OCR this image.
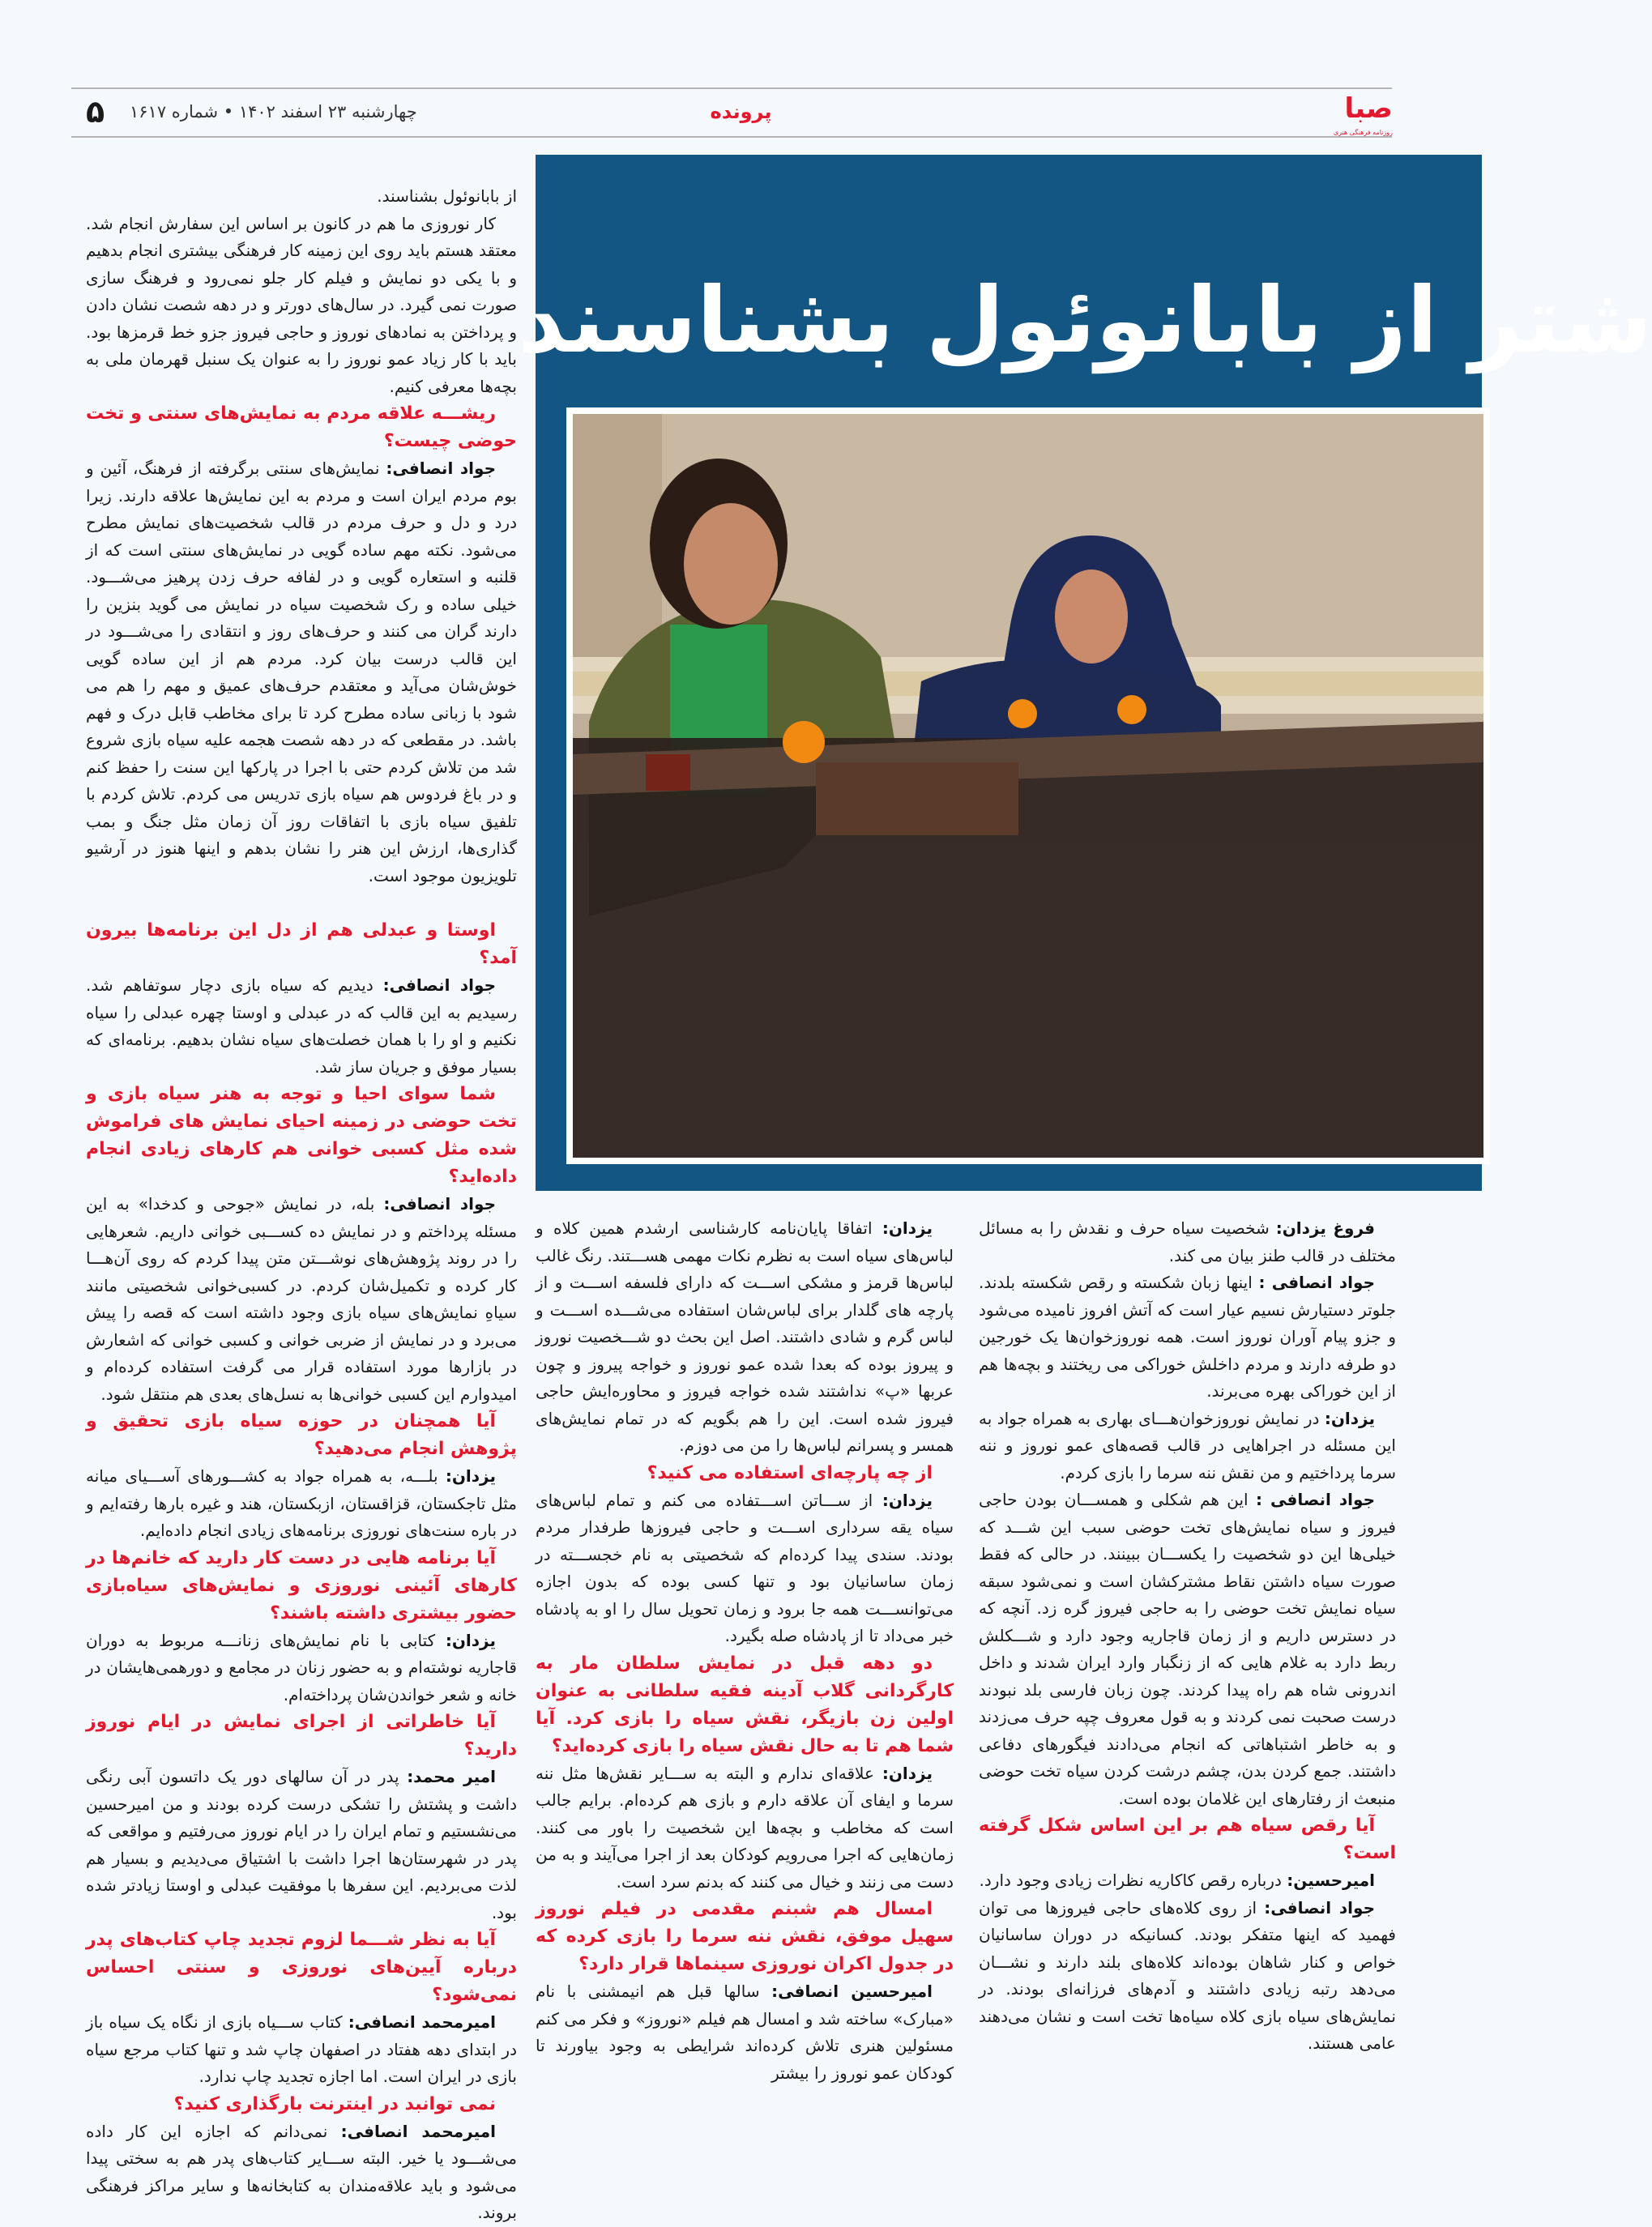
صبا
روزنامه فرهنگی هنری
پرونده
چهارشنبه ۲۳ اسفند ۱۴۰۲ • شماره ۱۶۱۷
۵
شتر از بابانوئول بشناسند

از بابانوئول بشناسند.

کار نوروزی ما هم در کانون بر اساس این سفارش انجام شد. معتقد هستم باید روی این زمینه کار فرهنگی بیشتری انجام بدهیم و با یکی دو نمایش و فیلم کار جلو نمی‌رود و فرهنگ سازی صورت نمی گیرد. در سال‌های دورتر و در دهه شصت نشان دادن و پرداختن به نمادهای نوروز و حاجی فیروز جزو خط قرمزها بود. باید با کار زیاد عمو نوروز را به عنوان یک سنبل قهرمان ملی به بچه‌ها معرفی کنیم.

ریشـــه علاقه مردم به نمایش‌های سنتی و تخت حوضی چیست؟

جواد انصافی: نمایش‌های سنتی برگرفته از فرهنگ، آئین و بوم مردم ایران است و مردم به این نمایش‌ها علاقه دارند. زیرا درد و دل و حرف مردم در قالب شخصیت‌های نمایش مطرح می‌شود. نکته مهم ساده گویی در نمایش‌های سنتی است که از قلنبه و استعاره گویی و در لفافه حرف زدن پرهیز می‌شـــود. خیلی ساده و رک شخصیت سیاه در نمایش می گوید بنزین را دارند گران می کنند و حرف‌های روز و انتقادی را می‌شـــود در این قالب درست بیان کرد. مردم هم از این ساده گویی خوش‌شان می‌آید و معتقدم حرف‌های عمیق و مهم را هم می شود با زبانی ساده مطرح کرد تا برای مخاطب قابل درک و فهم باشد. در مقطعی که در دهه شصت هجمه علیه سیاه بازی شروع شد من تلاش کردم حتی با اجرا در پارکها این سنت را حفظ کنم و در باغ فردوس هم سیاه بازی تدریس می کردم. تلاش کردم با تلفیق سیاه بازی با اتفاقات روز آن زمان مثل جنگ و بمب گذاری‌ها، ارزش این هنر را نشان بدهم و اینها هنوز در آرشیو تلویزیون موجود است.

اوستا و عبدلی هم از دل این برنامه‌ها بیرون آمد؟

جواد انصافی: دیدیم که سیاه بازی دچار سوتفاهم شد. رسیدیم به این قالب که در عبدلی و اوستا چهره عبدلی را سیاه نکنیم و او را با همان خصلت‌های سیاه نشان بدهیم. برنامه‌ای که بسیار موفق و جریان ساز شد.

شما سوای احیا و توجه به هنر سیاه بازی و تخت حوضی در زمینه احیای نمایش های فراموش شده مثل کسبی خوانی هم کارهای زیادی انجام داده‌اید؟

جواد انصافی: بله، در نمایش «جوحی و کدخدا» به این مسئله پرداختم و در نمایش ده کســـبی خوانی داریم. شعرهایی را در روند پژوهش‌های نوشـــتن متن پیدا کردم که روی آن‌هـــا کار کرده و تکمیل‌شان کردم. در کسبی‌خوانی شخصیتی مانند سیاهِ نمایش‌های سیاه بازی وجود داشته است که قصه را پیش می‌برد و در نمایش از ضربی خوانی و کسبی خوانی که اشعارش در بازارها مورد استفاده قرار می گرفت استفاده کرده‌ام و امیدوارم این کسبی خوانی‌ها به نسل‌های بعدی هم منتقل شود.

آیا همچنان در حوزه سیاه بازی تحقیق و پژوهش انجام می‌دهید؟

یزدان: بلـــه، به همراه جواد به کشـــورهای آســـیای میانه مثل تاجکستان، قزاقستان، ازبکستان، هند و غیره بارها رفته‌ایم و در باره سنت‌های نوروزی برنامه‌های زیادی انجام داده‌ایم.

آیا برنامه هایی در دست کار دارید که خانم‌ها در کارهای آئینی نوروزی و نمایش‌های سیاه‌بازی حضور بیشتری داشته باشند؟

یزدان: کتابی با نام نمایش‌های زنانـــه مربوط به دوران قاجاریه نوشته‌ام و به حضور زنان در مجامع و دورهمی‌هایشان در خانه و شعر خواندن‌شان پرداخته‌ام.

آیا خاطراتی از اجرای نمایش در ایام نوروز دارید؟

امیر محمد: پدر در آن سالهای دور یک داتسون آبی رنگی داشت و پشتش را تشکی درست کرده بودند و من امیرحسین می‌نشستیم و تمام ایران را در ایام نوروز می‌رفتیم و مواقعی که پدر در شهرستان‌ها اجرا داشت با اشتیاق می‌دیدیم و بسیار هم لذت می‌بردیم. این سفرها با موفقیت عبدلی و اوستا زیادتر شده بود.

آیا به نظر شـــما لزوم تجدید چاپ کتاب‌های پدر درباره آیین‌های نوروزی و سنتی احساس نمی‌شود؟

امیرمحمد انصافی: کتاب ســـیاه بازی از نگاه یک سیاه باز در ابتدای دهه هفتاد در اصفهان چاپ شد و تنها کتاب مرجع سیاه بازی در ایران است. اما اجازه تجدید چاپ ندارد.

نمی توانبد در اینترنت بارگذاری کنید؟

امیرمحمد انصافی: نمی‌دانم که اجازه این کار داده می‌شـــود یا خیر. البته ســـایر کتاب‌های پدر هم به سختی پیدا می‌شود و باید علاقه‌مندان به کتابخانه‌ها و سایر مراکز فرهنگی بروند.

یزدان: اتفاقا پایان‌نامه کارشناسی ارشدم همین کلاه و لباس‌های سیاه است به نظرم نکات مهمی هســـتند. رنگ غالب لباس‌ها قرمز و مشکی اســـت که دارای فلسفه اســـت و از پارچه های گلدار برای لباس‌شان استفاده می‌شـــده اســـت و لباس گرم و شادی داشتند. اصل این بحث دو شـــخصیت نوروز و پیروز بوده که بعدا شده عمو نوروز و خواجه پیروز و چون عربها «پ» نداشتند شده خواجه فیروز و محاوره‌ایش حاجی فیروز شده است. این را هم بگویم که در تمام نمایش‌های همسر و پسرانم لباس‌ها را من می دوزم.

از چه پارچه‌ای استفاده می کنید؟

یزدان: از ســـاتن اســـتفاده می کنم و تمام لباس‌های سیاه یقه سرداری اســـت و حاجی فیروزها طرفدار مردم بودند. سندی پیدا کرده‌ام که شخصیتی به نام خجســـته در زمان ساسانیان بود و تنها کسی بوده که بدون اجازه می‌توانســـت همه جا برود و زمان تحویل سال را او به پادشاه خبر می‌داد تا از پادشاه صله بگیرد.

دو دهه قبل در نمایش سلطان مار به کارگردانی گلاب آدینه فقیه سلطانی به عنوان اولین زن بازیگر، نقش سیاه را بازی کرد. آیا شما هم تا به حال نقش سیاه را بازی کرده‌اید؟

یزدان: علاقه‌ای ندارم و البته به ســـایر نقش‌ها مثل ننه سرما و ایفای آن علاقه دارم و بازی هم کرده‌ام. برایم جالب است که مخاطب و بچه‌ها این شخصیت را باور می کنند. زمان‌هایی که اجرا می‌رویم کودکان بعد از اجرا می‌آیند و به من دست می زنند و خیال می کنند که بدنم سرد است.

امسال هم شبنم مقدمی در فیلم نوروز سهیل موفق، نقش ننه سرما را بازی کرده که در جدول اکران نوروزی سینماها قرار دارد؟

امیرحسین انصافی: سالها قبل هم انیمشنی با نام «مبارک» ساخته شد و امسال هم فیلم «نوروز» و فکر می کنم مسئولین هنری تلاش کرده‌اند شرایطی به وجود بیاورند تا کودکان عمو نوروز را بیشتر

فروغ یزدان: شخصیت سیاه حرف و نقدش را به مسائل مختلف در قالب طنز بیان می کند.

جواد انصافی : اینها زبان شکسته و رقص شکسته بلدند. جلوتر دستیارش نسیم عیار است که آتش افروز نامیده می‌شود و جزو پیام آوران نوروز است. همه نوروزخوان‌ها یک خورجین دو طرفه دارند و مردم داخلش خوراکی می ریختند و بچه‌ها هم از این خوراکی بهره می‌برند.

یزدان: در نمایش نوروزخوان‌هـــای بهاری به همراه جواد به این مسئله در اجراهایی در قالب قصه‌های عمو نوروز و ننه سرما پرداختیم و من نقش ننه سرما را بازی کردم.

جواد انصافی : این هم شکلی و همســـان بودن حاجی فیروز و سیاه نمایش‌های تخت حوضی سبب این شـــد که خیلی‌ها این دو شخصیت را یکســـان ببینند. در حالی که فقط صورت سیاه داشتن نقاط مشترکشان است و نمی‌شود سبقه سیاه نمایش تخت حوضی را به حاجی فیروز گره زد. آنچه که در دسترس داریم و از زمان قاجاریه وجود دارد و شـــکلش ربط دارد به غلام هایی که از زنگبار وارد ایران شدند و داخل اندرونی شاه هم راه پیدا کردند. چون زبان فارسی بلد نبودند درست صحبت نمی کردند و به قول معروف چپه حرف می‌زدند و به خاطر اشتباهاتی که انجام می‌دادند فیگورهای دفاعی داشتند. جمع کردن بدن، چشم درشت کردن سیاه تخت حوضی منبعث از رفتارهای این غلامان بوده است.

آیا رقص سیاه هم بر این اساس شکل گرفته است؟

امیرحسین: درباره رقص کاکاریه نظرات زیادی وجود دارد.

جواد انصافی: از روی کلاه‌های حاجی فیروزها می توان فهمید که اینها متفکر بودند. کسانیکه در دوران ساسانیان خواص و کنار شاهان بوده‌اند کلاه‌های بلند دارند و نشـــان می‌دهد رتبه زیادی داشتند و آدم‌های فرزانه‌ای بودند. در نمایش‌های سیاه بازی کلاه سیاه‌ها تخت است و نشان می‌دهند عامی هستند.
